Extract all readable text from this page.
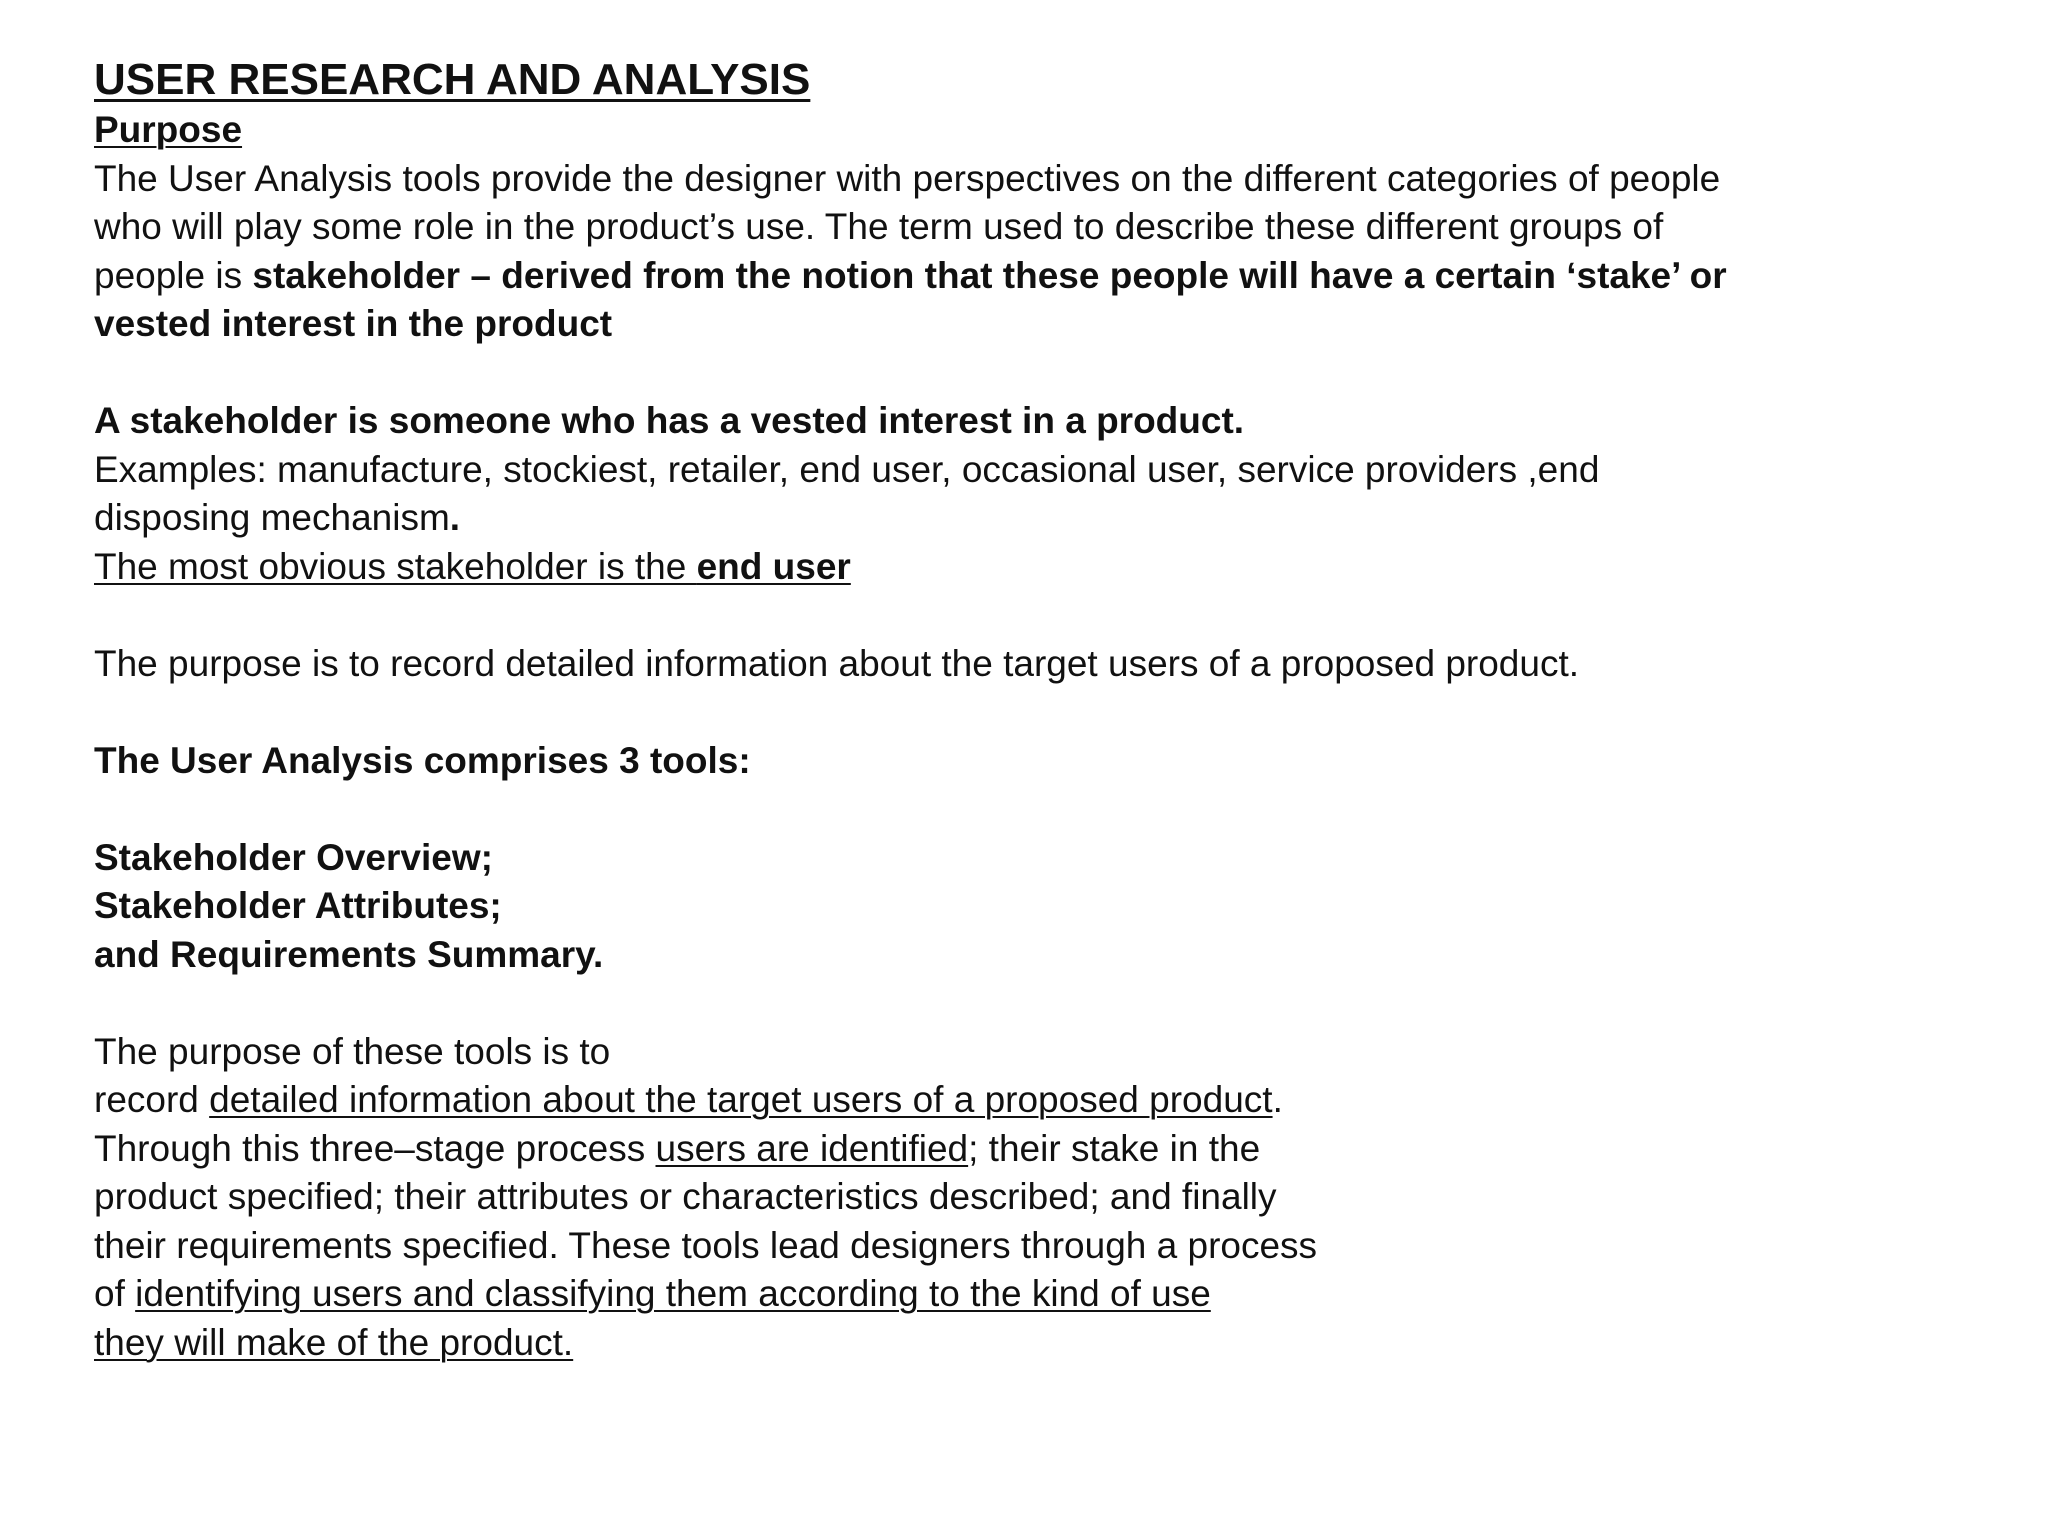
USER RESEARCH AND ANALYSIS
Purpose
The User Analysis tools provide the designer with perspectives on the different categories of people
who will play some role in the product’s use. The term used to describe these different groups of
people is stakeholder – derived from the notion that these people will have a certain ‘stake’ or
vested interest in the product
A stakeholder is someone who has a vested interest in a product.
Examples: manufacture, stockiest, retailer, end user, occasional user, service providers ,end
disposing mechanism.
The most obvious stakeholder is the end user
The purpose is to record detailed information about the target users of a proposed product.
The User Analysis comprises 3 tools:
Stakeholder Overview;
Stakeholder Attributes;
and Requirements Summary.
The purpose of these tools is to
record detailed information about the target users of a proposed product.
Through this three–stage process users are identified; their stake in the
product specified; their attributes or characteristics described; and finally
their requirements specified. These tools lead designers through a process
of identifying users and classifying them according to the kind of use
they will make of the product.
